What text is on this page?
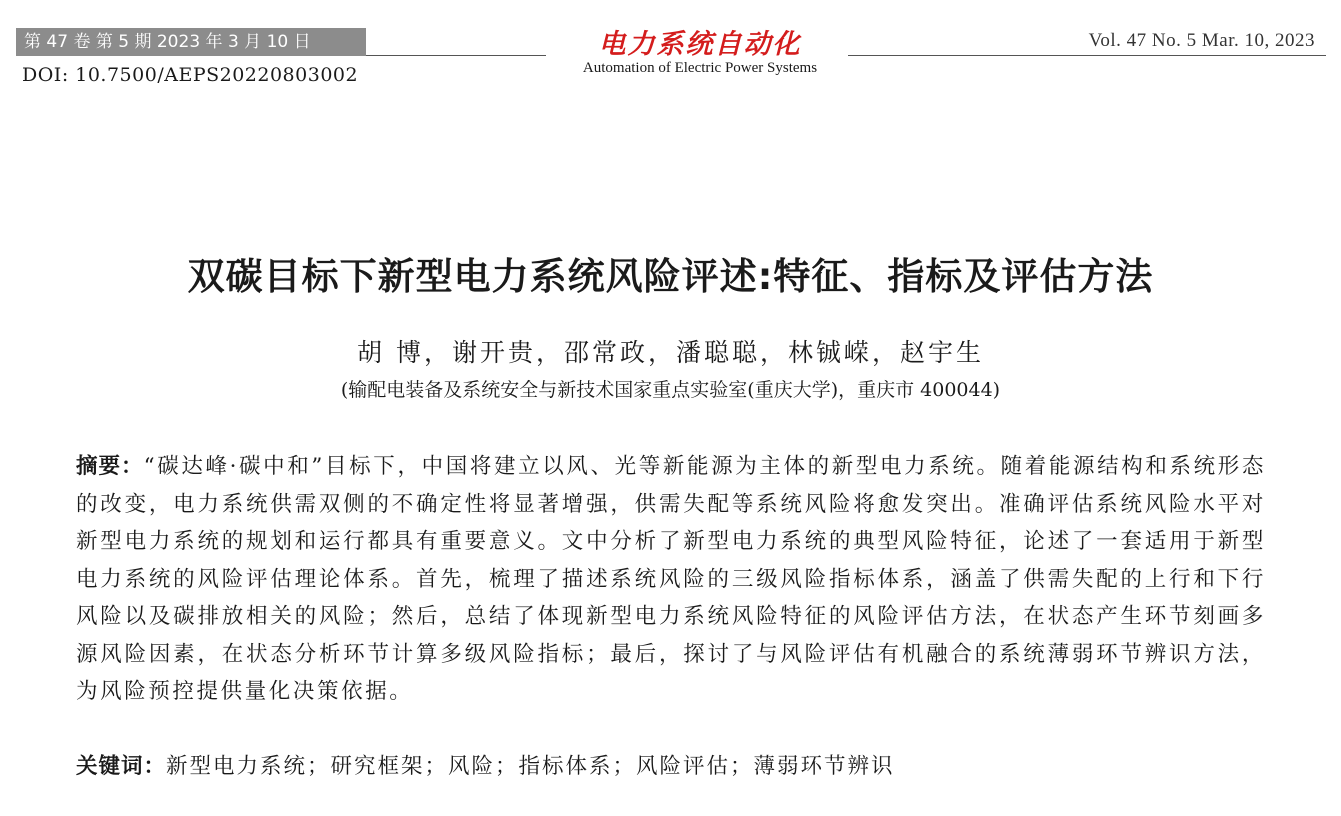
第 47 卷 第 5 期 2023 年 3 月 10 日
DOI: 10.7500/AEPS20220803002
电力系统自动化
Automation of Electric Power Systems
Vol. 47 No. 5 Mar. 10, 2023
双碳目标下新型电力系统风险评述:特征、指标及评估方法
胡 博，谢开贵，邵常政，潘聪聪，林铖嵘，赵宇生
(输配电装备及系统安全与新技术国家重点实验室(重庆大学)，重庆市 400044)
摘要：“碳达峰·碳中和”目标下，中国将建立以风、光等新能源为主体的新型电力系统。随着能源结构和系统形态的改变，电力系统供需双侧的不确定性将显著增强，供需失配等系统风险将愈发突出。准确评估系统风险水平对新型电力系统的规划和运行都具有重要意义。文中分析了新型电力系统的典型风险特征，论述了一套适用于新型电力系统的风险评估理论体系。首先，梳理了描述系统风险的三级风险指标体系，涵盖了供需失配的上行和下行风险以及碳排放相关的风险；然后，总结了体现新型电力系统风险特征的风险评估方法，在状态产生环节刻画多源风险因素，在状态分析环节计算多级风险指标；最后，探讨了与风险评估有机融合的系统薄弱环节辨识方法，为风险预控提供量化决策依据。
关键词：新型电力系统；研究框架；风险；指标体系；风险评估；薄弱环节辨识
